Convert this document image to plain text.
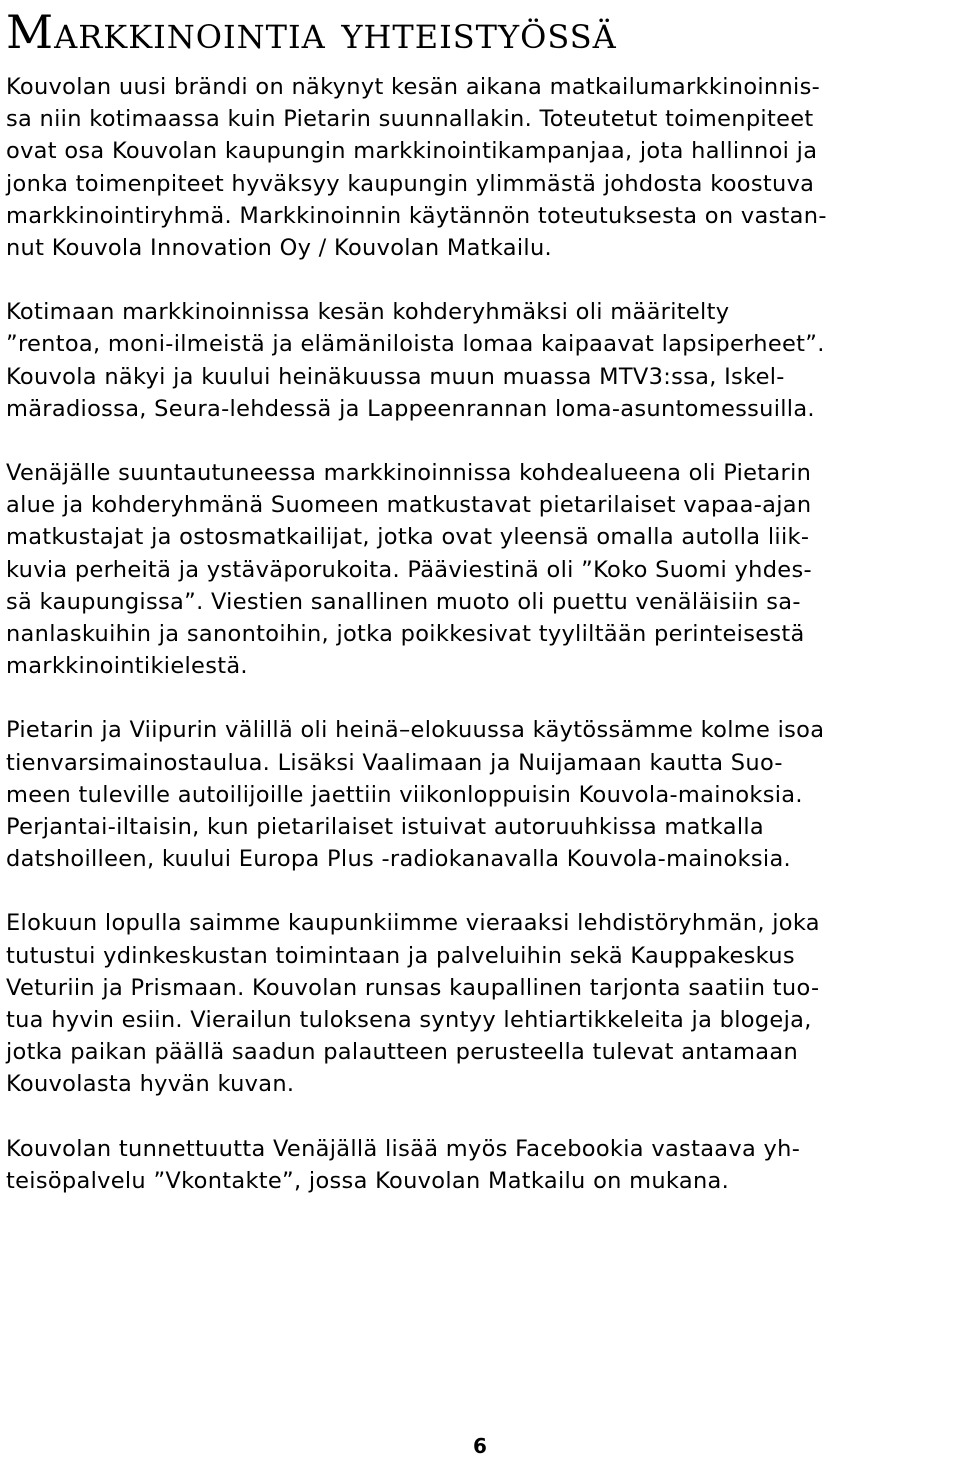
Markkinointia yhteistyössä

Kouvolan uusi brändi on näkynyt kesän aikana matkailumarkkinoinnis-
sa niin kotimaassa kuin Pietarin suunnallakin. Toteutetut toimenpiteet
ovat osa Kouvolan kaupungin markkinointikampanjaa, jota hallinnoi ja
jonka toimenpiteet hyväksyy kaupungin ylimmästä johdosta koostuva
markkinointiryhmä. Markkinoinnin käytännön toteutuksesta on vastan-
nut Kouvola Innovation Oy / Kouvolan Matkailu.

Kotimaan markkinoinnissa kesän kohderyhmäksi oli määritelty
”rentoa, moni-ilmeistä ja elämäniloista lomaa kaipaavat lapsiperheet”.
Kouvola näkyi ja kuului heinäkuussa muun muassa MTV3:ssa, Iskel-
märadiossa, Seura-lehdessä ja Lappeenrannan loma-asuntomessuilla.

Venäjälle suuntautuneessa markkinoinnissa kohdealueena oli Pietarin
alue ja kohderyhmänä Suomeen matkustavat pietarilaiset vapaa-ajan
matkustajat ja ostosmatkailijat, jotka ovat yleensä omalla autolla liik-
kuvia perheitä ja ystäväporukoita. Pääviestinä oli ”Koko Suomi yhdes-
sä kaupungissa”. Viestien sanallinen muoto oli puettu venäläisiin sa-
nanlaskuihin ja sanontoihin, jotka poikkesivat tyyliltään perinteisestä
markkinointikielestä.

Pietarin ja Viipurin välillä oli heinä–elokuussa käytössämme kolme isoa
tienvarsimainostaulua. Lisäksi Vaalimaan ja Nuijamaan kautta Suo-
meen tuleville autoilijoille jaettiin viikonloppuisin Kouvola-mainoksia.
Perjantai-iltaisin, kun pietarilaiset istuivat autoruuhkissa matkalla
datshoilleen, kuului Europa Plus -radiokanavalla Kouvola-mainoksia.

Elokuun lopulla saimme kaupunkiimme vieraaksi lehdistöryhmän, joka
tutustui ydinkeskustan toimintaan ja palveluihin sekä Kauppakeskus
Veturiin ja Prismaan. Kouvolan runsas kaupallinen tarjonta saatiin tuo-
tua hyvin esiin. Vierailun tuloksena syntyy lehtiartikkeleita ja blogeja,
jotka paikan päällä saadun palautteen perusteella tulevat antamaan
Kouvolasta hyvän kuvan.

Kouvolan tunnettuutta Venäjällä lisää myös Facebookia vastaava yh-
teisöpalvelu ”Vkontakte”, jossa Kouvolan Matkailu on mukana.

6
